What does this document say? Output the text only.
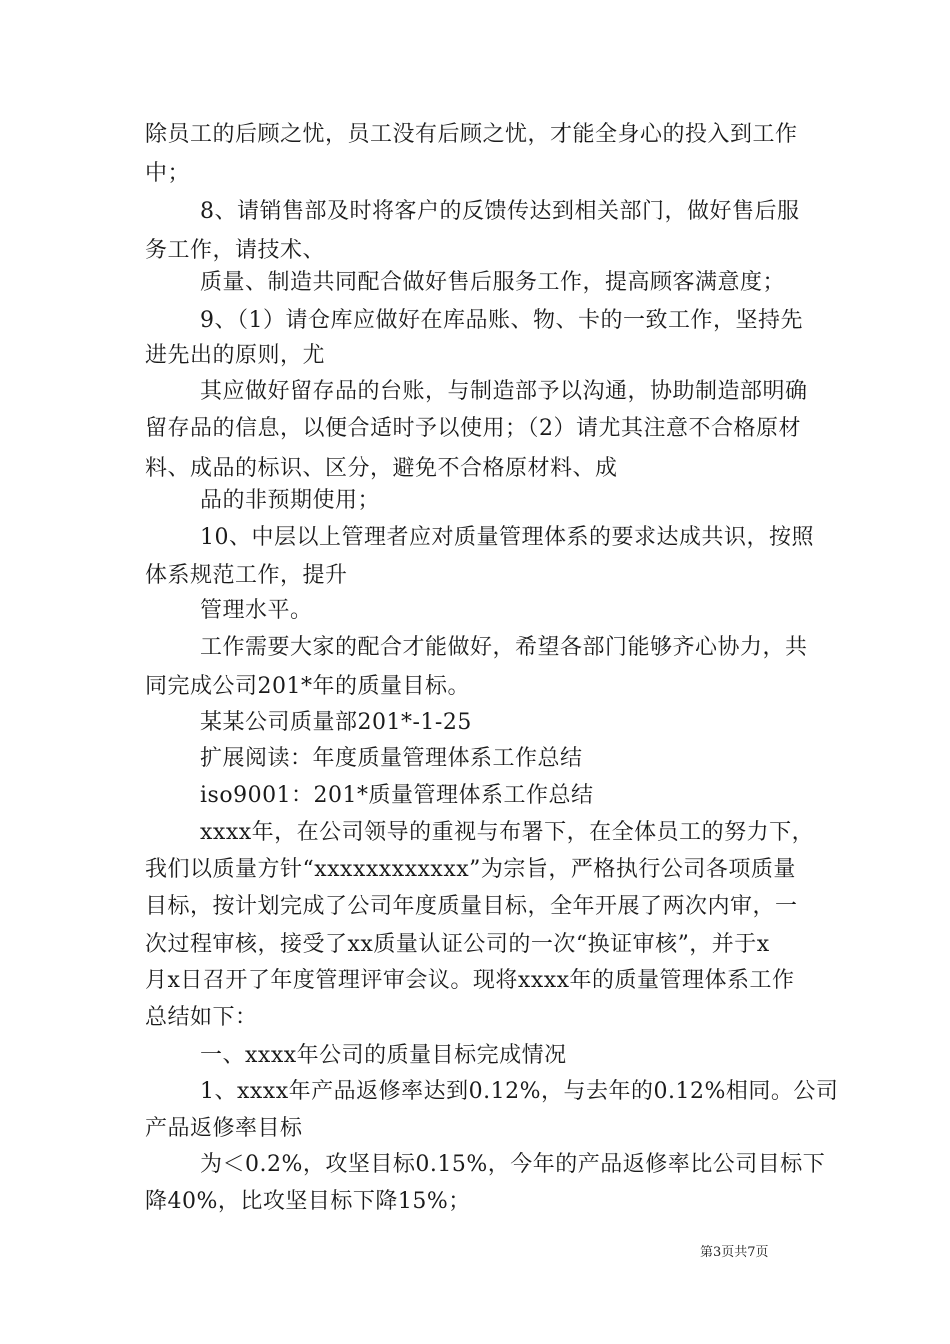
除员工的后顾之忧，员工没有后顾之忧，才能全身心的投入到工作
中；
8、请销售部及时将客户的反馈传达到相关部门，做好售后服
务工作，请技术、
质量、制造共同配合做好售后服务工作，提高顾客满意度；
9、（1）请仓库应做好在库品账、物、卡的一致工作，坚持先
进先出的原则，尤
其应做好留存品的台账，与制造部予以沟通，协助制造部明确
留存品的信息，以便合适时予以使用；（2）请尤其注意不合格原材
料、成品的标识、区分，避免不合格原材料、成
品的非预期使用；
10、中层以上管理者应对质量管理体系的要求达成共识，按照
体系规范工作，提升
管理水平。
工作需要大家的配合才能做好，希望各部门能够齐心协力，共
同完成公司201*年的质量目标。
某某公司质量部201*-1-25
扩展阅读：年度质量管理体系工作总结
iso9001：201*质量管理体系工作总结
xxxx年，在公司领导的重视与布署下，在全体员工的努力下，
我们以质量方针“xxxxxxxxxxxx”为宗旨，严格执行公司各项质量
目标，按计划完成了公司年度质量目标，全年开展了两次内审，一
次过程审核，接受了xx质量认证公司的一次“换证审核”，并于x
月x日召开了年度管理评审会议。现将xxxx年的质量管理体系工作
总结如下：
一、xxxx年公司的质量目标完成情况
1、xxxx年产品返修率达到0.12%，与去年的0.12%相同。公司
产品返修率目标
为＜0.2%，攻坚目标0.15%，今年的产品返修率比公司目标下
降40%，比攻坚目标下降15%；
第3页共7页
